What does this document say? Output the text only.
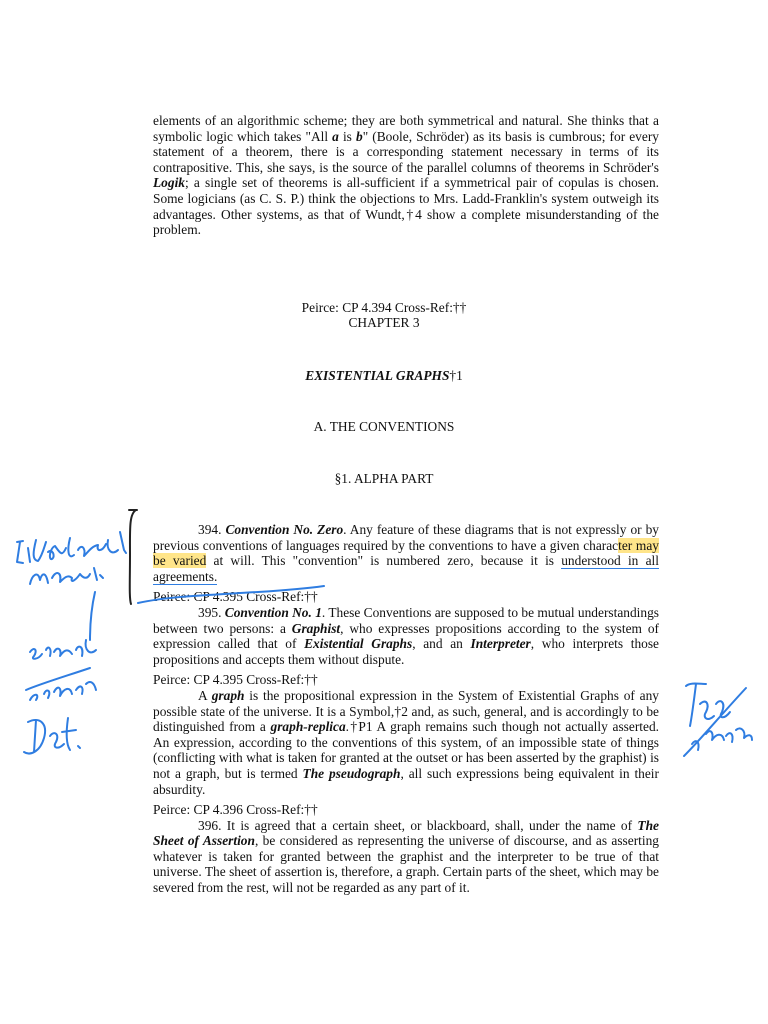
elements of an algorithmic scheme; they are both symmetrical and natural. She thinks that a symbolic logic which takes "All a is b" (Boole, Schröder) as its basis is cumbrous; for every statement of a theorem, there is a corresponding statement necessary in terms of its contrapositive. This, she says, is the source of the parallel columns of theorems in Schröder's Logik; a single set of theorems is all-sufficient if a symmetrical pair of copulas is chosen. Some logicians (as C. S. P.) think the objections to Mrs. Ladd-Franklin's system outweigh its advantages. Other systems, as that of Wundt,†4 show a complete misunderstanding of the problem.

Peirce: CP 4.394 Cross-Ref:††
CHAPTER 3
EXISTENTIAL GRAPHS†1
A. THE CONVENTIONS
§1. ALPHA PART

394. Convention No. Zero. Any feature of these diagrams that is not expressly or by previous conventions of languages required by the conventions to have a given character may be varied at will. This "convention" is numbered zero, because it is understood in all agreements.

Peirce: CP 4.395 Cross-Ref:††

395. Convention No. 1. These Conventions are supposed to be mutual understandings between two persons: a Graphist, who expresses propositions according to the system of expression called that of Existential Graphs, and an Interpreter, who interprets those propositions and accepts them without dispute.

Peirce: CP 4.395 Cross-Ref:††

A graph is the propositional expression in the System of Existential Graphs of any possible state of the universe. It is a Symbol,†2 and, as such, general, and is accordingly to be distinguished from a graph-replica.†P1 A graph remains such though not actually asserted. An expression, according to the conventions of this system, of an impossible state of things (conflicting with what is taken for granted at the outset or has been asserted by the graphist) is not a graph, but is termed The pseudograph, all such expressions being equivalent in their absurdity.

Peirce: CP 4.396 Cross-Ref:††

396. It is agreed that a certain sheet, or blackboard, shall, under the name of The Sheet of Assertion, be considered as representing the universe of discourse, and as asserting whatever is taken for granted between the graphist and the interpreter to be true of that universe. The sheet of assertion is, therefore, a graph. Certain parts of the sheet, which may be severed from the rest, will not be regarded as any part of it.
